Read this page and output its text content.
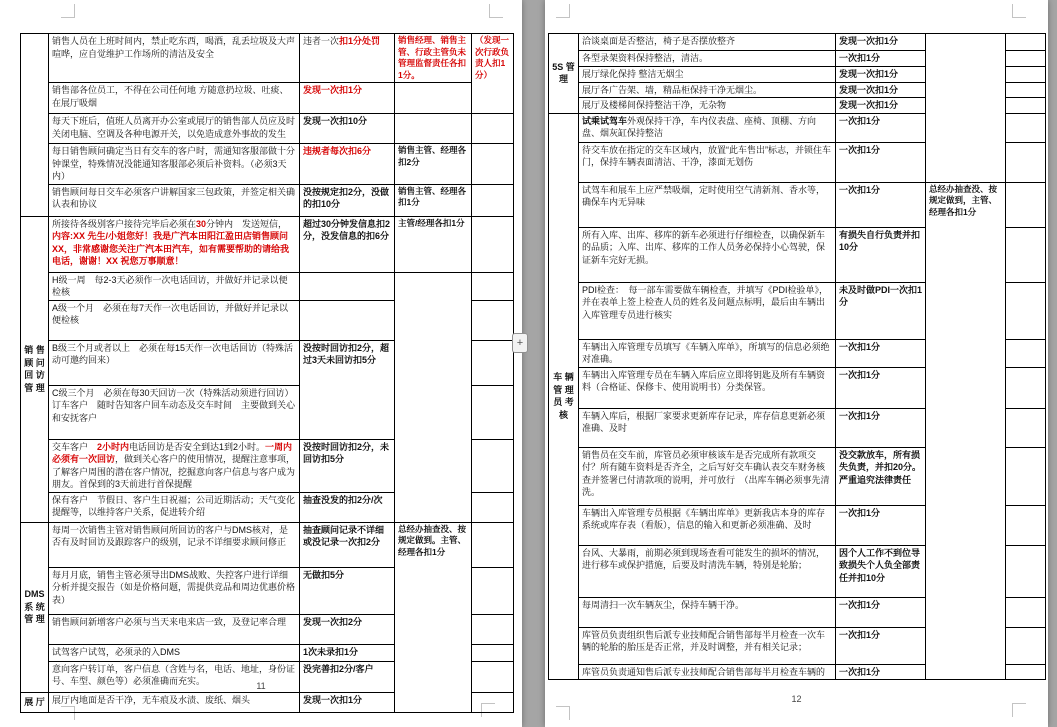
	销售人员在上班时间内，禁止吃东西，喝酒，乱丢垃圾及大声喧哗，应自觉维护工作场所的清洁及安全	违者一次扣1分处罚	销售经理、销售主管、行政主管负未管理监督责任各扣1分。	（发现一次行政负责人扣1分）
	销售部各位员工，不得在公司任何地 方随意扔垃圾、吐痰、在展厅吸烟	发现一次扣1分		
	每天下班后，值班人员离开办公室或展厅的销售部人员应及时关闭电脑、空调及各种电源开关，以免造成意外事故的发生	发现一次扣10分		
	每日销售顾问确定当日有交车的客户时，需通知客服部做十分钟课堂，特殊情况没能通知客服部必须后补资料。（必须3天内）	违规者每次扣6分	销售主管、经理各扣2分	
	销售顾问每日交车必须客户讲解国家三包政策，并签定相关确认表和协议	没按规定扣2分，没做的扣10分	销售主管、经理各扣1分	
销 售 顾 问 回 访 管 理	所接待各级别客户接待完毕后必须在30分钟内　发送短信，内容:XX 先生/小姐您好！我是广汽本田阳江盈田店销售顾问 XX，非常感谢您关注广汽本田汽车，如有需要帮助的请给我电话，谢谢！XX 祝您万事顺意！	超过30分钟发信息扣2分，没发信息的扣6分	主管/经理各扣1分	
	H级一周　每2-3天必须作一次电话回访，并做好并记录以便检核			
	A级一个月　必须在每7天作一次电话回访，并做好并记录以便检核			
	B级三个月或者以上　必须在每15天作一次电话回访（特殊活动可邀约回来）	没按时回访扣2分，超过3天未回访扣5分		
	C级三个月　必须在每30天回访一次（特殊活动须进行回访）订车客户　随时告知客户回车动态及交车时间　主要做到关心和安抚客户			
	交车客户　2小时内电话回访是否安全到达1到2小时。一周内必须有一次回访，做到关心客户的使用情况，提醒注意事项，了解客户周围的潜在客户情况，挖掘意向客户信息与客户成为朋友。首保到的3天前进行首保提醒	没按时回访扣2分，未回访扣5分		
	保有客户　节假日、客户生日祝福；公司近期活动；天气变化提醒等，以维持客户关系，促进转介绍	抽查没发的扣2分/次		
DMS 系 统 管 理	每周一次销售主管对销售顾问所回访的客户与DMS核对，是否有及时回访及跟踪客户的级别，记录不详细要求顾问修正	抽查顾问记录不详细或没记录一次扣2分	总经办抽查没、按规定做到。主管、经理各扣1分	
	每月月底，销售主管必须导出DMS战败、失控客户进行详细分析并提交报告（如是价格问题，需提供竞品和周边优惠价格表）	无做扣5分		
	销售顾问新增客户必须与当天来电来店一致，及登记率合理	发现一次扣2分		
	试驾客户试驾，必须录的入DMS	1次未录扣1分		
	意向客户转订单，客户信息（含姓与名，电话、地址，身份证号、车型、颜色等）必须准确而充实。	没完善扣2分/客户		
展 厅	展厅内地面是否干净，无车痕及水渍、废纸、烟头	发现一次扣1分		
11
5S 管 理	洽谈桌面是否整洁，椅子是否摆放整齐	发现一次扣1分		
	各型录架资料保持整洁，清洁。	一次扣1分		
	展厅绿化保持 整洁无烟尘	发现一次扣1分		
	展厅各广告架、墙，精品柜保持干净无烟尘。	发现一次扣1分		
	展厅及楼梯间保持整洁干净，无杂物	发现一次扣1分		
车 辆 管 理 员 考 核	试乘试驾车外观保持干净，车内仪表盘、座椅、顶棚、方向盘、烟灰缸保持整洁	一次扣1分		
	待交车放在指定的交车区域内，放置“此车售出”标志，并锁住车门，保持车辆表面清洁、干净，漆面无划伤	一次扣1分		
	试驾车和展车上应严禁吸烟，定时使用空气清新剂、香水等，确保车内无异味	一次扣1分	总经办抽查没、按规定做到，主管、经理各扣1分	
	所有入库、出库、移库的新车必须进行仔细检查，以确保新车的品质；入库、出库、移库的工作人员务必保持小心驾驶，保证新车完好无损。	有损失自行负责并扣10分		
	PDI检查：　每一部车需要做车辆检查，并填写《PDI检验单》，并在表单上签上检查人员的姓名及问题点标明，最后由车辆出入库管理专员进行核实	未及时做PDI一次扣1分		
	车辆出入库管理专员填写《车辆入库单》，所填写的信息必须绝对准确。	一次扣1分		
	车辆出入库管理专员在车辆入库后应立即将钥匙及所有车辆资料（合格证、保修卡、使用说明书）分类保管。	一次扣1分		
	车辆入库后，根据厂家要求更新库存记录，库存信息更新必须准确、及时	一次扣1分		
	销售员在交车前，库管员必须审核该车是否完成所有款项交付？所有随车资料是否齐全，之后写好交车确认表交车财务核查并签署已付清款项的说明，并可放行　（出库车辆必须事先清洗。	没交款放车，所有损失负责，并扣20分。严重追究法律责任		
	车辆出入库管理专员根据《车辆出库单》更新我店本身的库存系统或库存表（看版），信息的输入和更新必须准确、及时	一次扣1分		
	台风、大暴雨，前期必须到现场查看可能发生的损坏的情况，进行移车或保护措施，后要及时清洗车辆，特别是轮胎；	因个人工作不到位导致损失个人负全部责任并扣10分		
	每周清扫一次车辆灰尘，保持车辆干净。	一次扣1分		
	库管员负责组织售后派专业技师配合销售部每半月检查一次车辆的轮胎的胎压是否正常，并及时调整，并有相关记录；	一次扣1分		
	库管员负责通知售后派专业技师配合销售部每半月检查车辆的	一次扣1分		
12
+
